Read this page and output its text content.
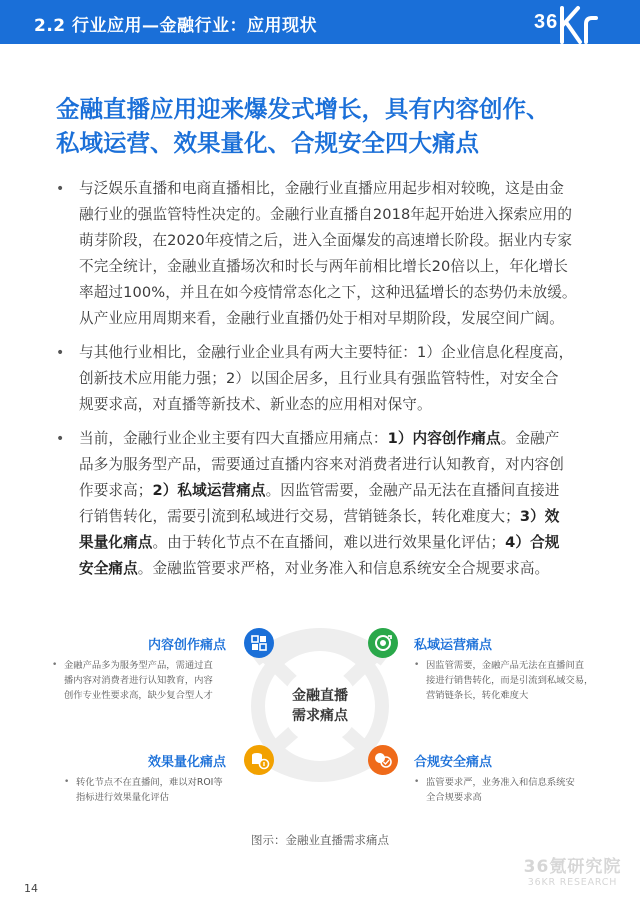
2.2 行业应用—金融行业：应用现状	36
金融直播应用迎来爆发式增长，具有内容创作、
私域运营、效果量化、合规安全四大痛点
• 与泛娱乐直播和电商直播相比，金融行业直播应用起步相对较晚，这是由金
融行业的强监管特性决定的。金融行业直播自2018年起开始进入探索应用的
萌芽阶段，在2020年疫情之后，进入全面爆发的高速增长阶段。据业内专家
不完全统计，金融业直播场次和时长与两年前相比增长20倍以上，年化增长
率超过100%，并且在如今疫情常态化之下，这种迅猛增长的态势仍未放缓。
从产业应用周期来看，金融行业直播仍处于相对早期阶段，发展空间广阔。
• 与其他行业相比，金融行业企业具有两大主要特征：1）企业信息化程度高，
创新技术应用能力强；2）以国企居多，且行业具有强监管特性，对安全合
规要求高，对直播等新技术、新业态的应用相对保守。
• 当前，金融行业企业主要有四大直播应用痛点：1）内容创作痛点。金融产
品多为服务型产品，需要通过直播内容来对消费者进行认知教育，对内容创
作要求高；2）私域运营痛点。因监管需要，金融产品无法在直播间直接进
行销售转化，需要引流到私域进行交易，营销链条长，转化难度大；3）效
果量化痛点。由于转化节点不在直播间，难以进行效果量化评估；4）合规
安全痛点。金融监管要求严格，对业务准入和信息系统安全合规要求高。
金融直播
需求痛点
内容创作痛点
• 金融产品多为服务型产品，需通过直
播内容对消费者进行认知教育，内容
创作专业性要求高，缺少复合型人才
私域运营痛点
• 因监管需要，金融产品无法在直播间直
接进行销售转化，而是引流到私域交易，
营销链条长，转化难度大
效果量化痛点
• 转化节点不在直播间，难以对ROI等
指标进行效果量化评估
合规安全痛点
• 监管要求严，业务准入和信息系统安
全合规要求高
图示：金融业直播需求痛点
36氪研究院
36KR RESEARCH
14
